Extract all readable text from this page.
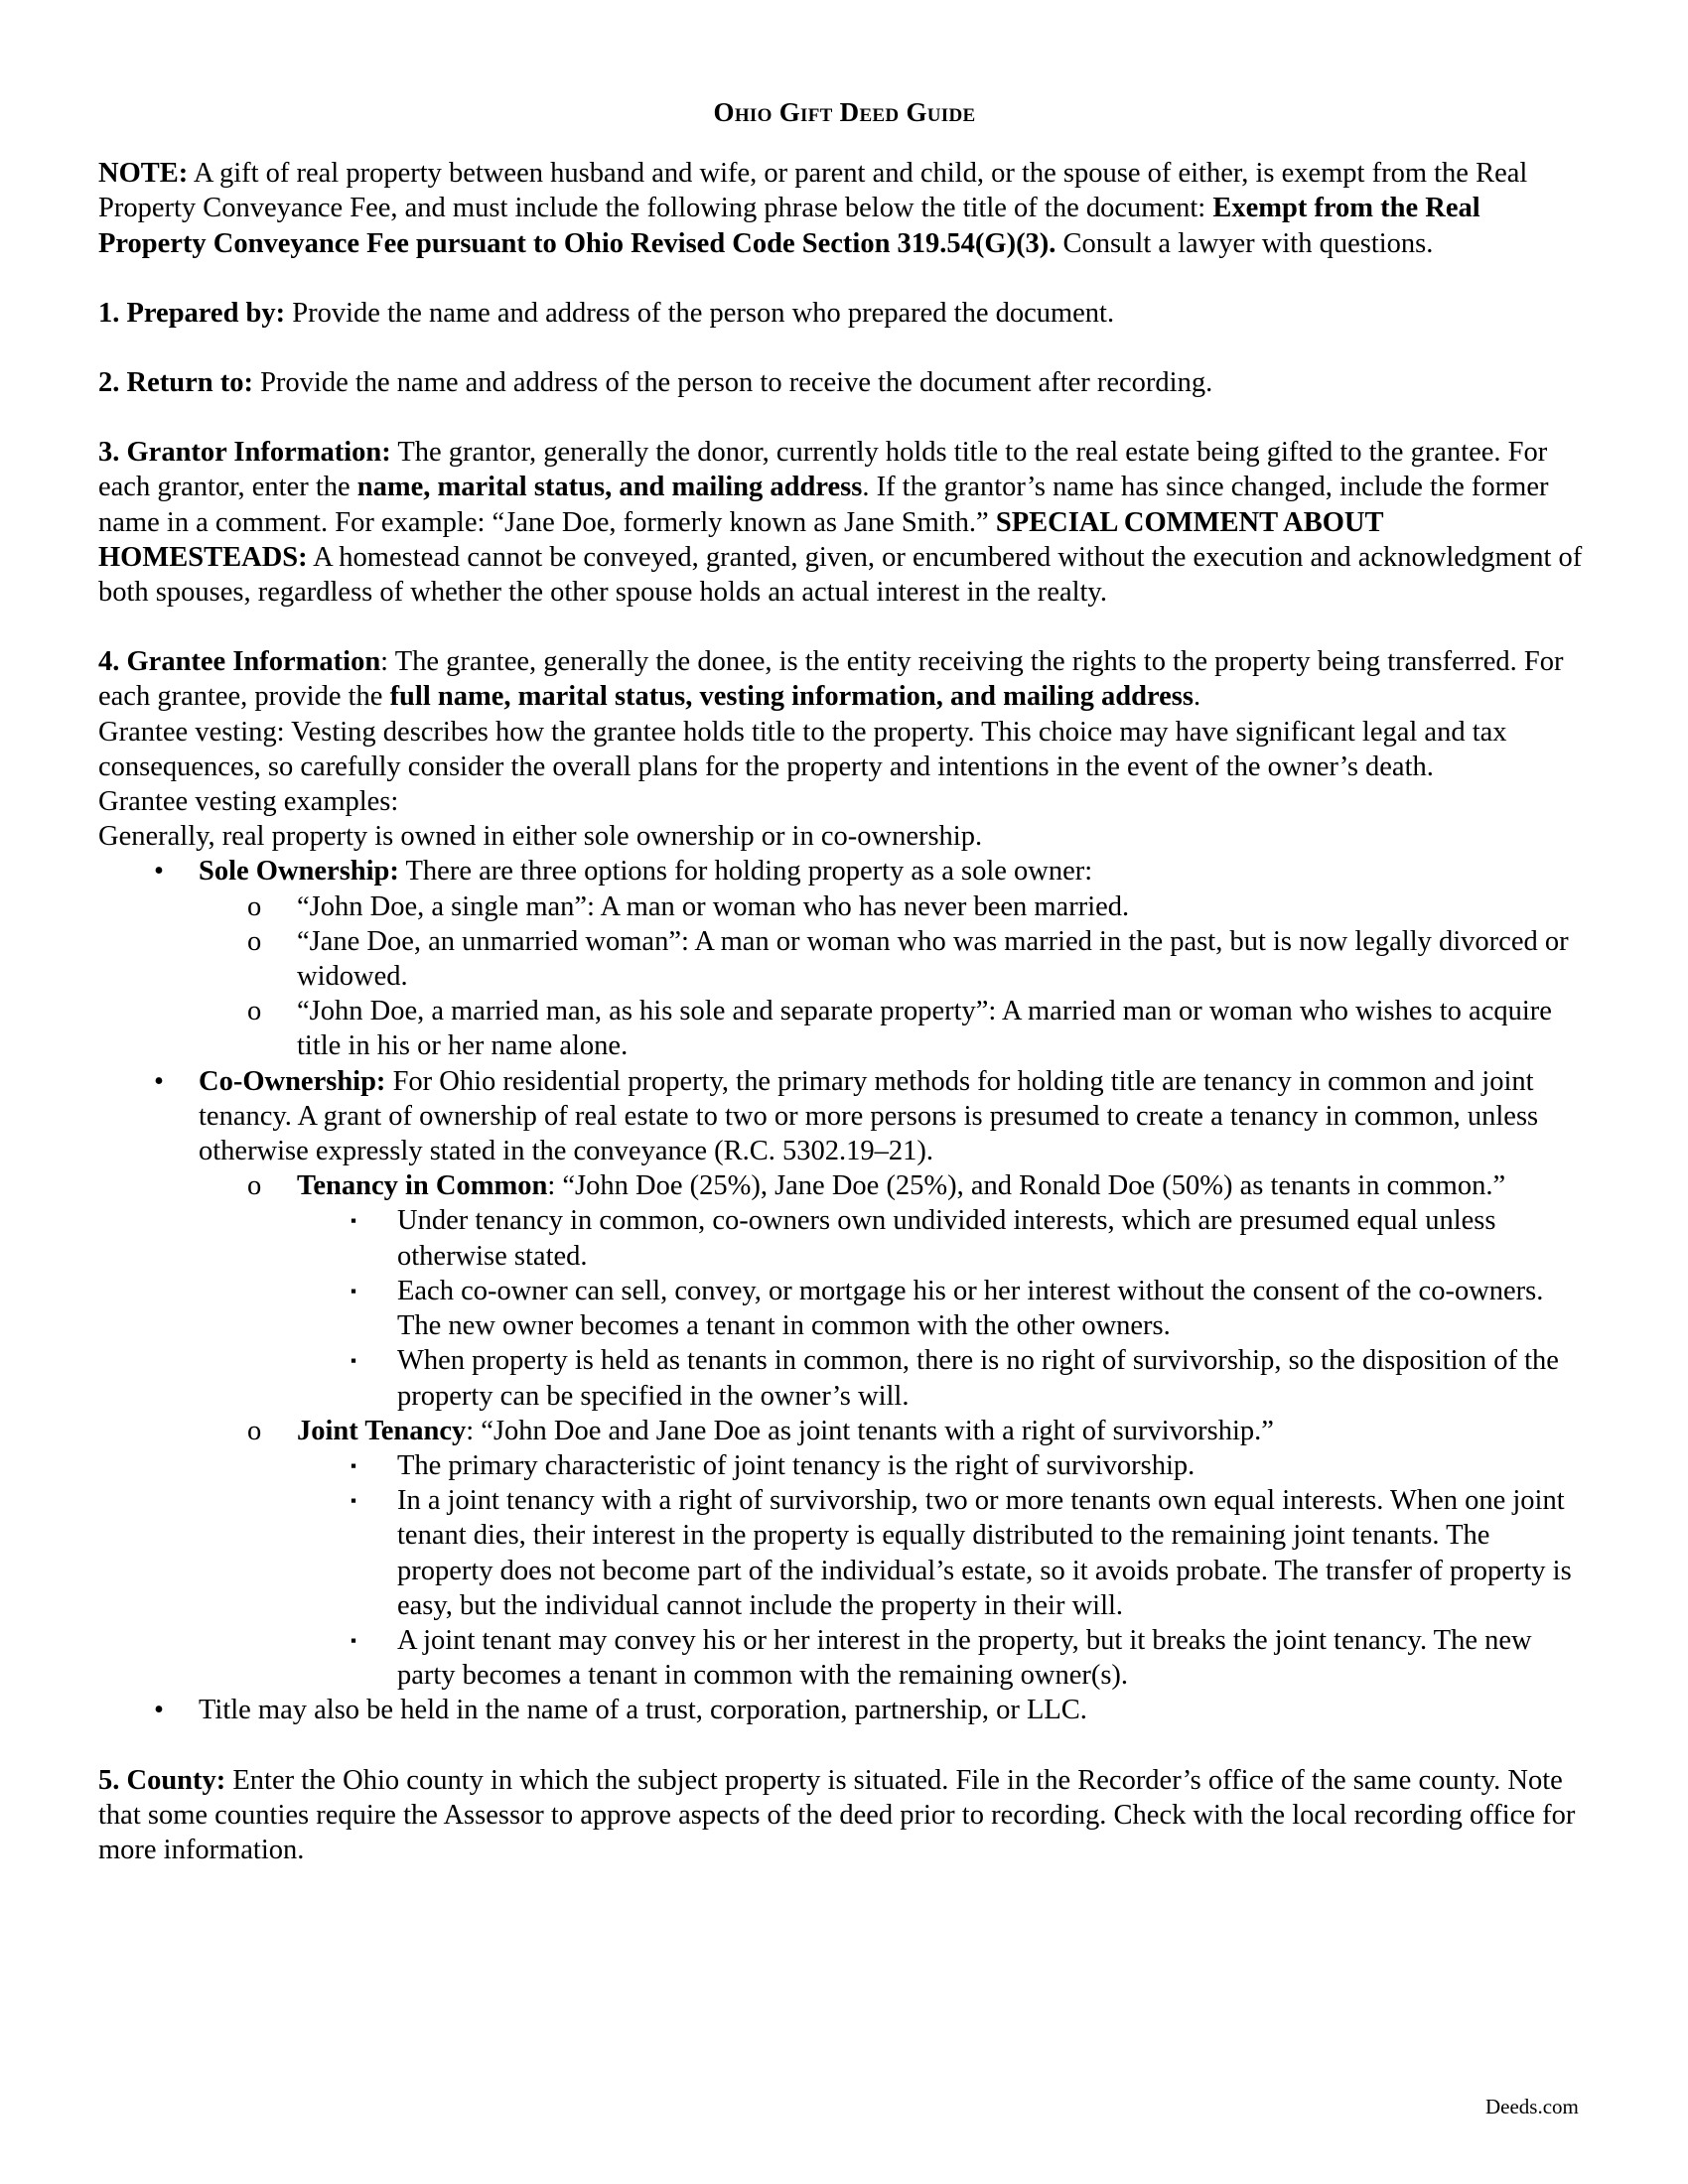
Ohio Gift Deed Guide

NOTE: A gift of real property between husband and wife, or parent and child, or the spouse of either, is exempt from the Real Property Conveyance Fee, and must include the following phrase below the title of the document: Exempt from the Real Property Conveyance Fee pursuant to Ohio Revised Code Section 319.54(G)(3). Consult a lawyer with questions.

1. Prepared by: Provide the name and address of the person who prepared the document.

2. Return to: Provide the name and address of the person to receive the document after recording.

3. Grantor Information: The grantor, generally the donor, currently holds title to the real estate being gifted to the grantee. For each grantor, enter the name, marital status, and mailing address. If the grantor’s name has since changed, include the former name in a comment. For example: “Jane Doe, formerly known as Jane Smith.” SPECIAL COMMENT ABOUT HOMESTEADS: A homestead cannot be conveyed, granted, given, or encumbered without the execution and acknowledgment of both spouses, regardless of whether the other spouse holds an actual interest in the realty.

4. Grantee Information: The grantee, generally the donee, is the entity receiving the rights to the property being transferred. For each grantee, provide the full name, marital status, vesting information, and mailing address.

Grantee vesting: Vesting describes how the grantee holds title to the property. This choice may have significant legal and tax consequences, so carefully consider the overall plans for the property and intentions in the event of the owner’s death.

Grantee vesting examples:

Generally, real property is owned in either sole ownership or in co-ownership.

• Sole Ownership: There are three options for holding property as a sole owner:
o “John Doe, a single man”: A man or woman who has never been married.
o “Jane Doe, an unmarried woman”: A man or woman who was married in the past, but is now legally divorced or widowed.
o “John Doe, a married man, as his sole and separate property”: A married man or woman who wishes to acquire title in his or her name alone.
• Co-Ownership: For Ohio residential property, the primary methods for holding title are tenancy in common and joint tenancy. A grant of ownership of real estate to two or more persons is presumed to create a tenancy in common, unless otherwise expressly stated in the conveyance (R.C. 5302.19–21).
o Tenancy in Common: “John Doe (25%), Jane Doe (25%), and Ronald Doe (50%) as tenants in common.”
▪ Under tenancy in common, co-owners own undivided interests, which are presumed equal unless otherwise stated.
▪ Each co-owner can sell, convey, or mortgage his or her interest without the consent of the co-owners. The new owner becomes a tenant in common with the other owners.
▪ When property is held as tenants in common, there is no right of survivorship, so the disposition of the property can be specified in the owner’s will.
o Joint Tenancy: “John Doe and Jane Doe as joint tenants with a right of survivorship.”
▪ The primary characteristic of joint tenancy is the right of survivorship.
▪ In a joint tenancy with a right of survivorship, two or more tenants own equal interests. When one joint tenant dies, their interest in the property is equally distributed to the remaining joint tenants. The property does not become part of the individual’s estate, so it avoids probate. The transfer of property is easy, but the individual cannot include the property in their will.
▪ A joint tenant may convey his or her interest in the property, but it breaks the joint tenancy. The new party becomes a tenant in common with the remaining owner(s).
• Title may also be held in the name of a trust, corporation, partnership, or LLC.

5. County: Enter the Ohio county in which the subject property is situated. File in the Recorder’s office of the same county. Note that some counties require the Assessor to approve aspects of the deed prior to recording. Check with the local recording office for more information.

Deeds.com
